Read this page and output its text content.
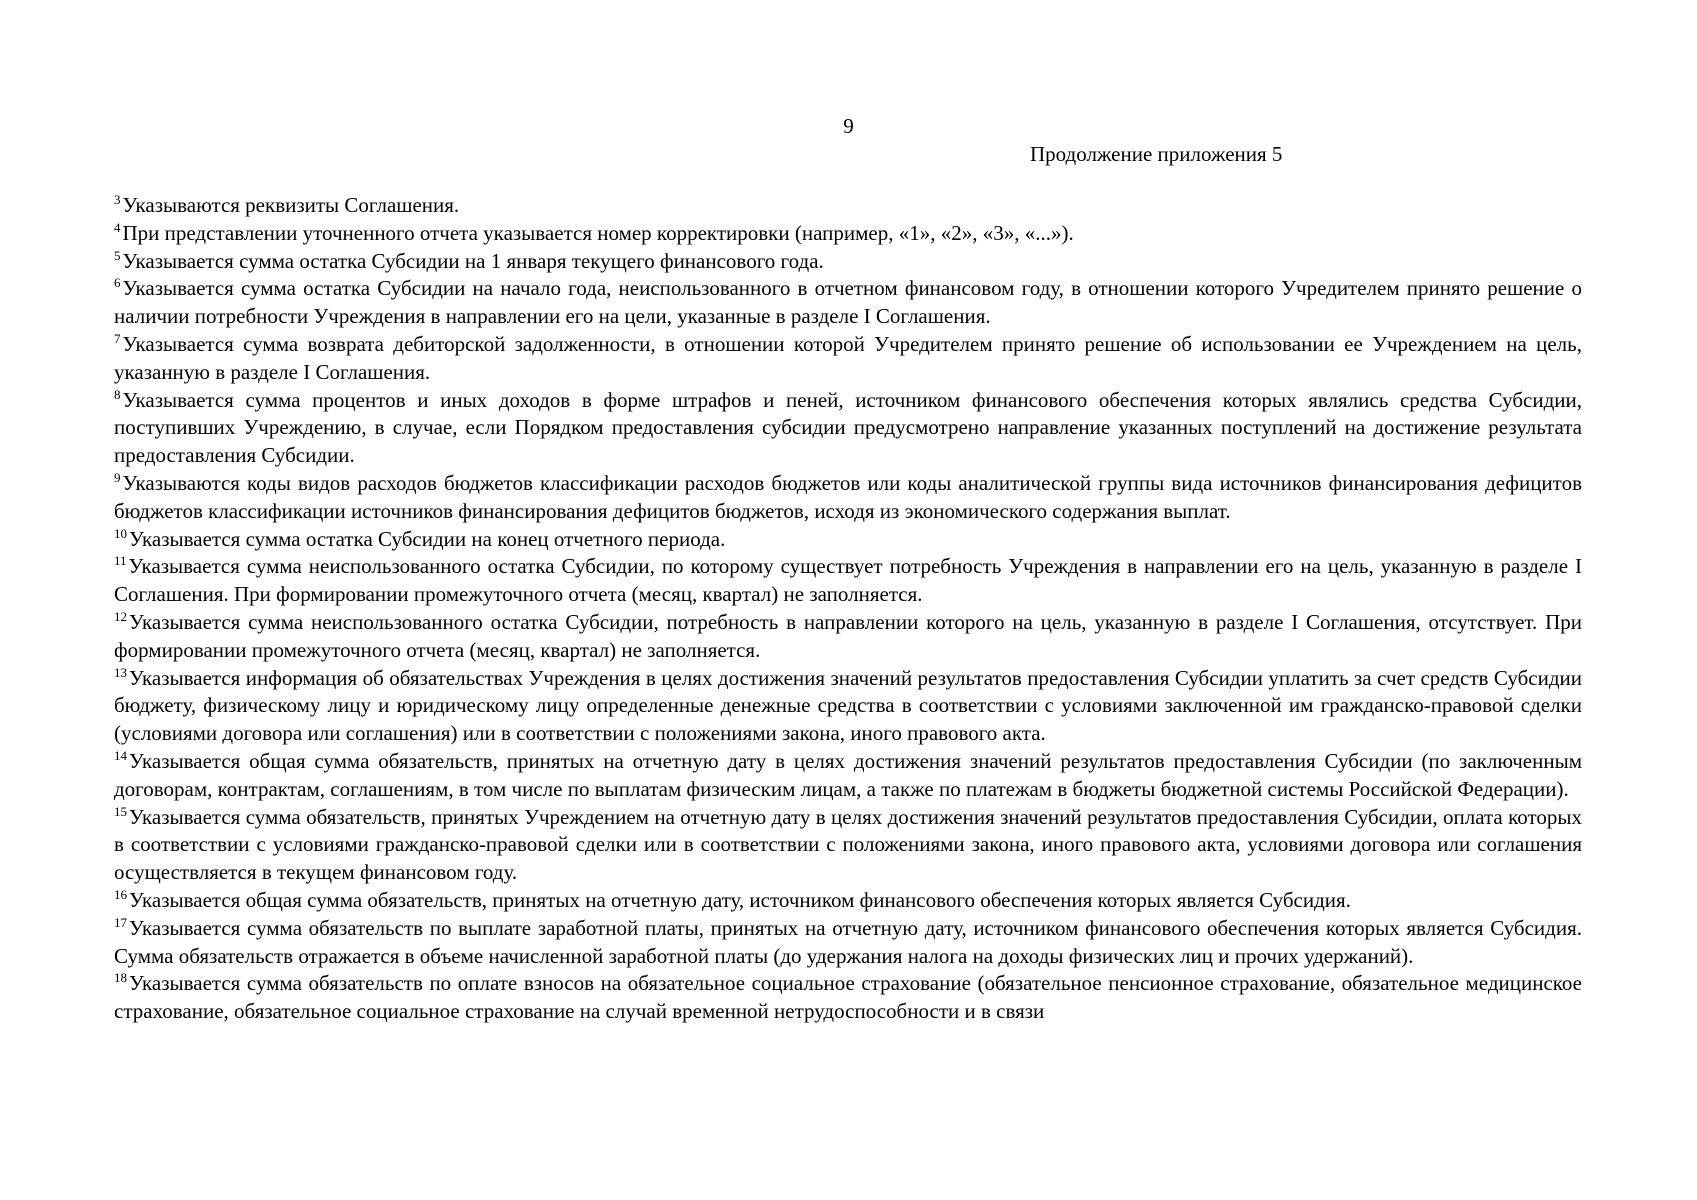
9
Продолжение приложения 5

$^3$Указываются реквизиты Соглашения.

$^4$При представлении уточненного отчета указывается номер корректировки (например, «1», «2», «3», «...»).

$^5$Указывается сумма остатка Субсидии на 1 января текущего финансового года.

$^6$Указывается сумма остатка Субсидии на начало года, неиспользованного в отчетном финансовом году, в отношении которого Учредителем принято решение о наличии потребности Учреждения в направлении его на цели, указанные в разделе I Соглашения.

$^7$Указывается сумма возврата дебиторской задолженности, в отношении которой Учредителем принято решение об использовании ее Учреждением на цель, указанную в разделе I Соглашения.

$^8$Указывается сумма процентов и иных доходов в форме штрафов и пеней, источником финансового обеспечения которых являлись средства Субсидии, поступивших Учреждению, в случае, если Порядком предоставления субсидии предусмотрено направление указанных поступлений на достижение результата предоставления Субсидии.

$^9$Указываются коды видов расходов бюджетов классификации расходов бюджетов или коды аналитической группы вида источников финансирования дефицитов бюджетов классификации источников финансирования дефицитов бюджетов, исходя из экономического содержания выплат.

$^{10}$Указывается сумма остатка Субсидии на конец отчетного периода.

$^{11}$Указывается сумма неиспользованного остатка Субсидии, по которому существует потребность Учреждения в направлении его на цель, указанную в разделе I Соглашения. При формировании промежуточного отчета (месяц, квартал) не заполняется.

$^{12}$Указывается сумма неиспользованного остатка Субсидии, потребность в направлении которого на цель, указанную в разделе I Соглашения, отсутствует. При формировании промежуточного отчета (месяц, квартал) не заполняется.

$^{13}$Указывается информация об обязательствах Учреждения в целях достижения значений результатов предоставления Субсидии уплатить за счет средств Субсидии бюджету, физическому лицу и юридическому лицу определенные денежные средства в соответствии с условиями заключенной им гражданско-правовой сделки (условиями договора или соглашения) или в соответствии с положениями закона, иного правового акта.

$^{14}$Указывается общая сумма обязательств, принятых на отчетную дату в целях достижения значений результатов предоставления Субсидии (по заключенным договорам, контрактам, соглашениям, в том числе по выплатам физическим лицам, а также по платежам в бюджеты бюджетной системы Российской Федерации).

$^{15}$Указывается сумма обязательств, принятых Учреждением на отчетную дату в целях достижения значений результатов предоставления Субсидии, оплата которых в соответствии с условиями гражданско-правовой сделки или в соответствии с положениями закона, иного правового акта, условиями договора или соглашения осуществляется в текущем финансовом году.

$^{16}$Указывается общая сумма обязательств, принятых на отчетную дату, источником финансового обеспечения которых является Субсидия.

$^{17}$Указывается сумма обязательств по выплате заработной платы, принятых на отчетную дату, источником финансового обеспечения которых является Субсидия. Сумма обязательств отражается в объеме начисленной заработной платы (до удержания налога на доходы физических лиц и прочих удержаний).

$^{18}$Указывается сумма обязательств по оплате взносов на обязательное социальное страхование (обязательное пенсионное страхование, обязательное медицинское страхование, обязательное социальное страхование на случай временной нетрудоспособности и в связи
